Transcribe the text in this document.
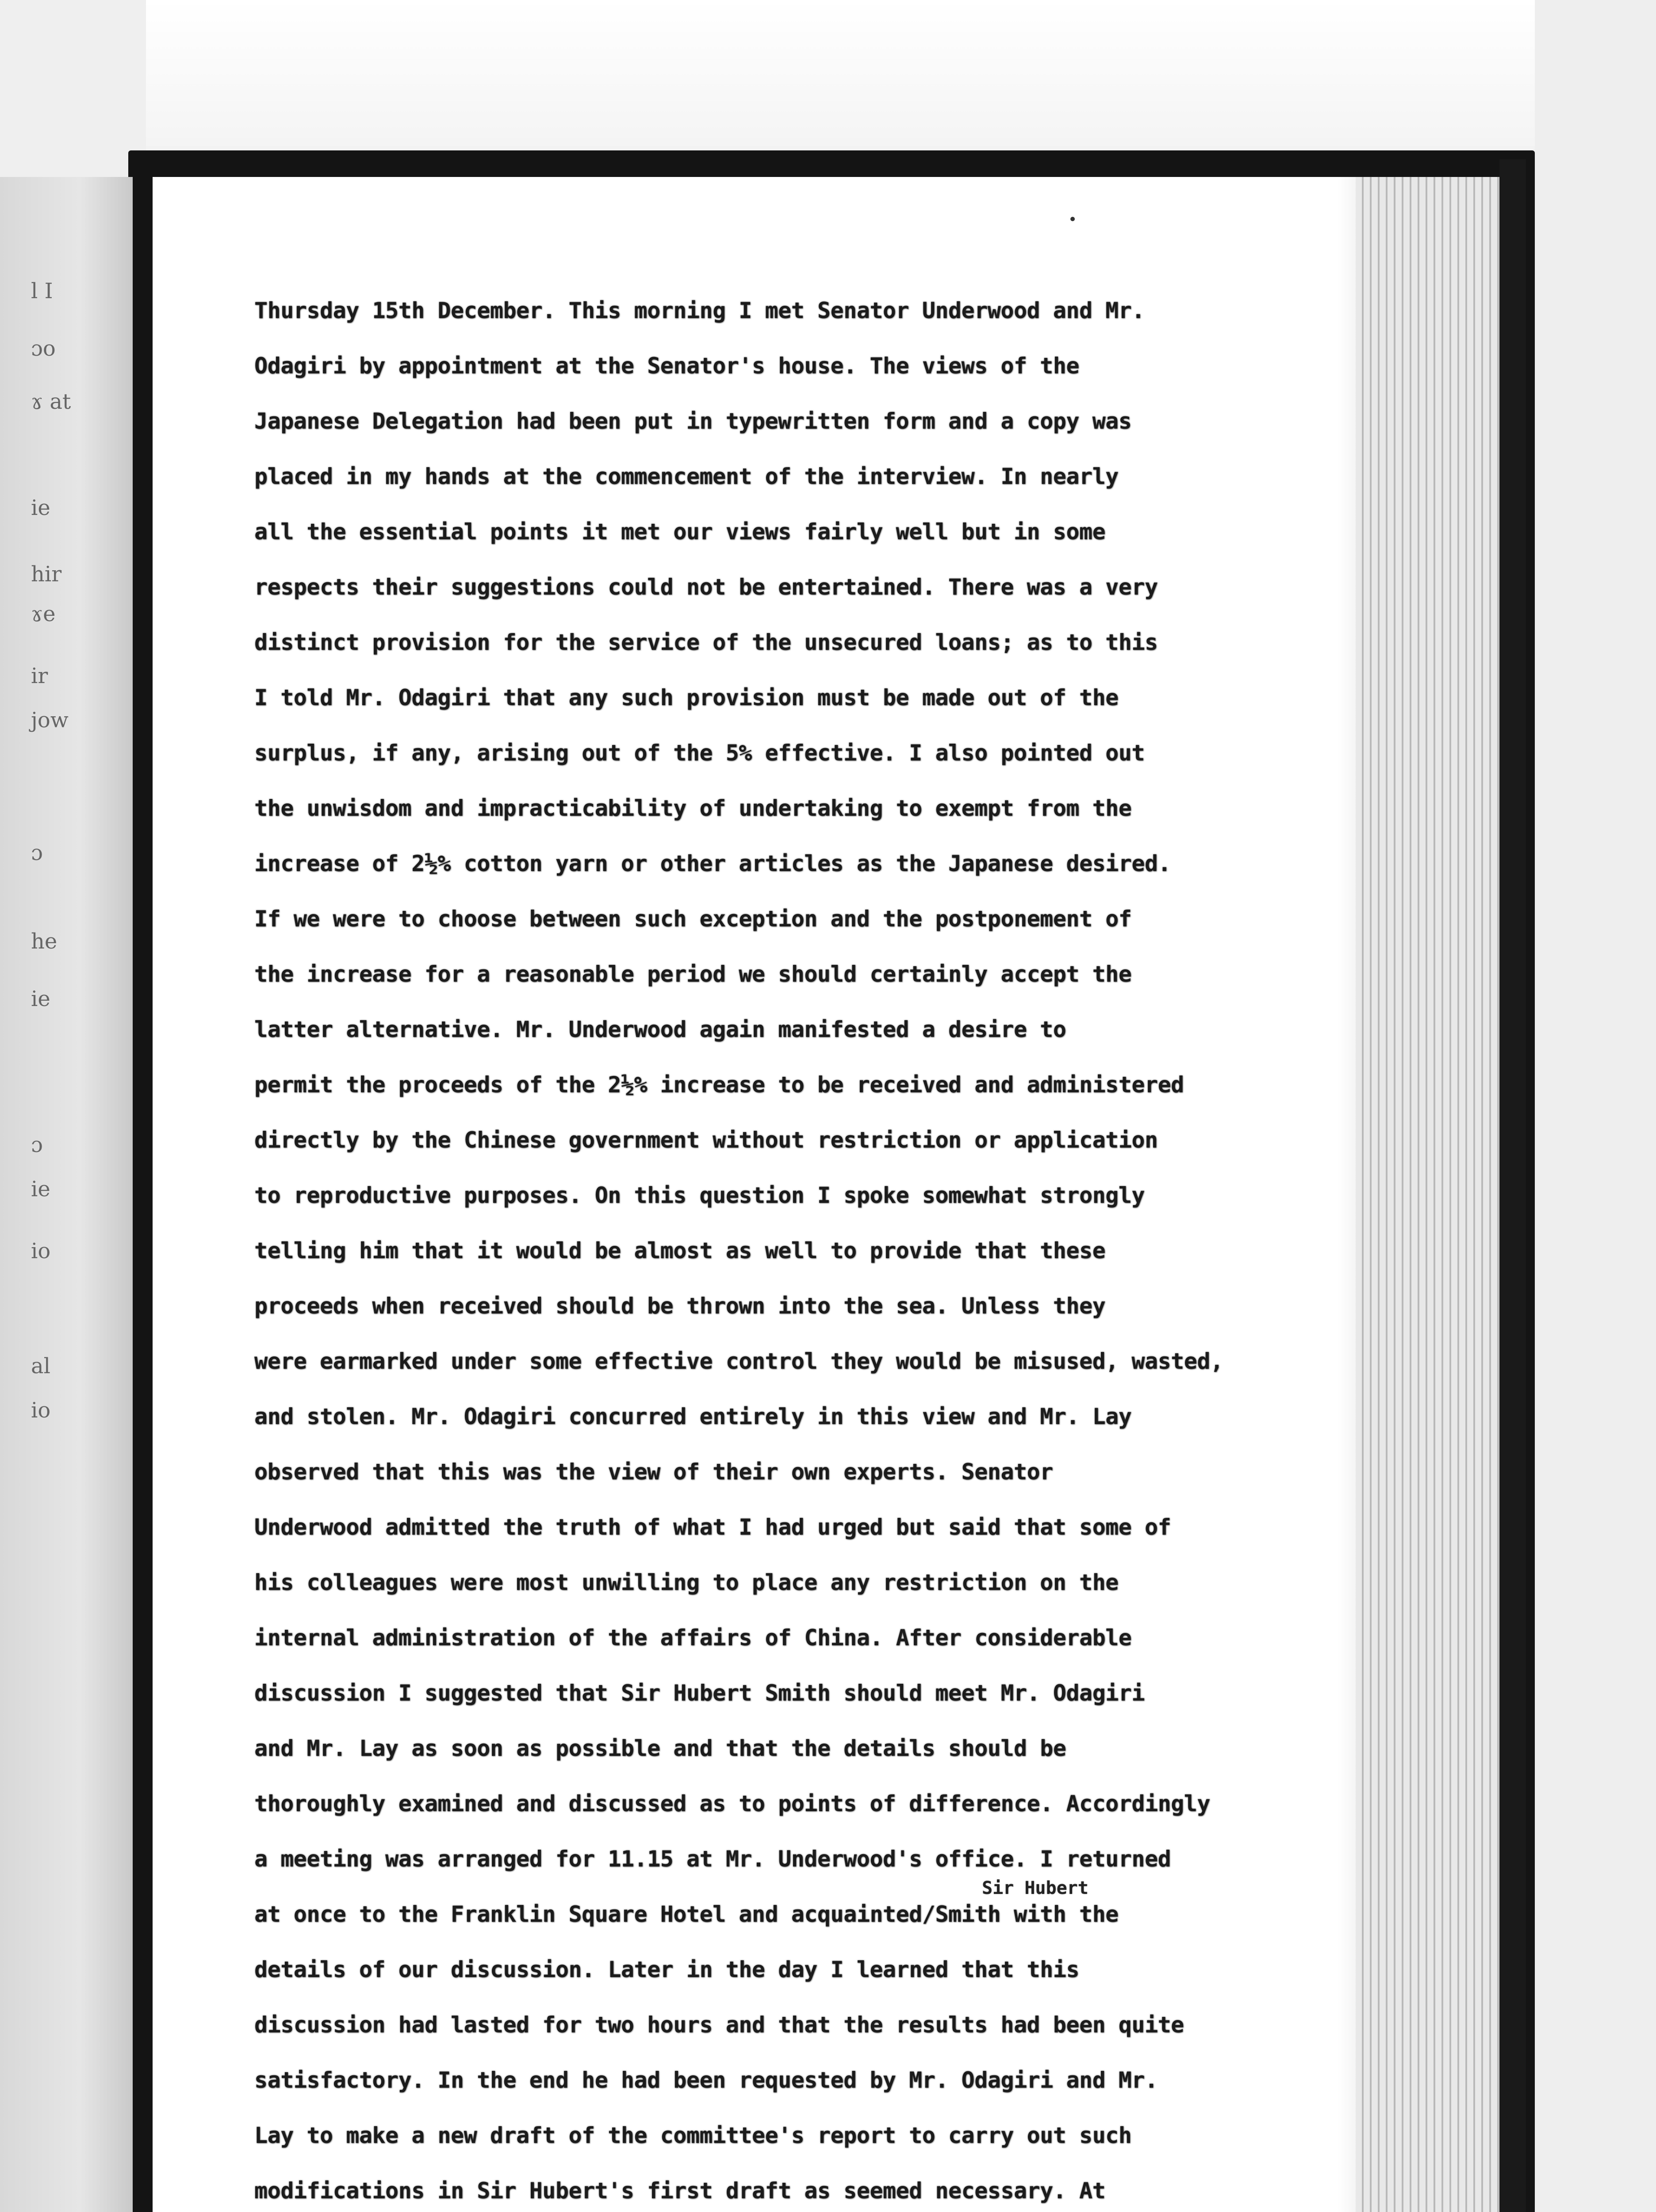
l I
ɔo
ɤ at
ie
hir
ɤe
ir
jow
ɔ
he
ie
ɔ
ie
io
al
io
Thursday 15th December. This morning I met Senator Underwood and Mr.
Odagiri by appointment at the Senator's house. The views of the
Japanese Delegation had been put in typewritten form and a copy was
placed in my hands at the commencement of the interview. In nearly
all the essential points it met our views fairly well but in some
respects their suggestions could not be entertained. There was a very
distinct provision for the service of the unsecured loans; as to this
I told Mr. Odagiri that any such provision must be made out of the
surplus, if any, arising out of the 5% effective. I also pointed out
the unwisdom and impracticability of undertaking to exempt from the
increase of 2½% cotton yarn or other articles as the Japanese desired.
If we were to choose between such exception and the postponement of
the increase for a reasonable period we should certainly accept the
latter alternative. Mr. Underwood again manifested a desire to
permit the proceeds of the 2½% increase to be received and administered
directly by the Chinese government without restriction or application
to reproductive purposes. On this question I spoke somewhat strongly
telling him that it would be almost as well to provide that these
proceeds when received should be thrown into the sea. Unless they
were earmarked under some effective control they would be misused, wasted,
and stolen. Mr. Odagiri concurred entirely in this view and Mr. Lay
observed that this was the view of their own experts. Senator
Underwood admitted the truth of what I had urged but said that some of
his colleagues were most unwilling to place any restriction on the
internal administration of the affairs of China. After considerable
discussion I suggested that Sir Hubert Smith should meet Mr. Odagiri
and Mr. Lay as soon as possible and that the details should be
thoroughly examined and discussed as to points of difference. Accordingly
a meeting was arranged for 11.15 at Mr. Underwood's office. I returned
at once to the Franklin Square Hotel and acquainted/Smith with the
details of our discussion. Later in the day I learned that this
discussion had lasted for two hours and that the results had been quite
satisfactory. In the end he had been requested by Mr. Odagiri and Mr.
Lay to make a new draft of the committee's report to carry out such
modifications in Sir Hubert's first draft as seemed necessary. At
Sir Hubert
